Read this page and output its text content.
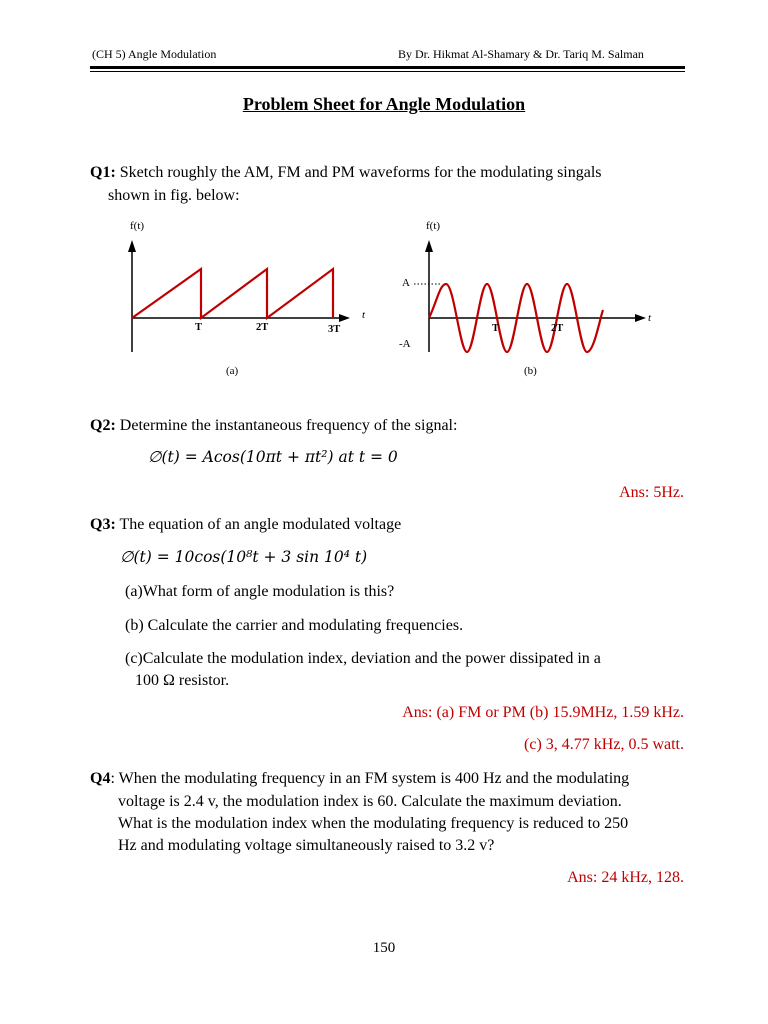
(CH 5) Angle Modulation	By Dr. Hikmat Al-Shamary & Dr. Tariq M. Salman
Problem Sheet for Angle Modulation
Q1: Sketch roughly the AM, FM and PM waveforms for the modulating singals
shown in fig. below:
f(t)
t
T	2T	3T
(a)
f(t)
t
A
-A
T	2T
(b)
Q2: Determine the instantaneous frequency of the signal:
∅(t) = Acos(10πt + πt²) at t = 0
Ans: 5Hz.
Q3: The equation of an angle modulated voltage
∅(t) = 10cos(10⁸t + 3 sin 10⁴ t)
(a)What form of angle modulation is this?
(b) Calculate the carrier and modulating frequencies.
(c)Calculate the modulation index, deviation and the power dissipated in a
100 Ω resistor.
Ans: (a) FM or PM (b) 15.9MHz, 1.59 kHz.
(c) 3, 4.77 kHz, 0.5 watt.
Q4: When the modulating frequency in an FM system is 400 Hz and the modulating
voltage is 2.4 v, the modulation index is 60. Calculate the maximum deviation.
What is the modulation index when the modulating frequency is reduced to 250
Hz and modulating voltage simultaneously raised to 3.2 v?
Ans: 24 kHz, 128.
150
